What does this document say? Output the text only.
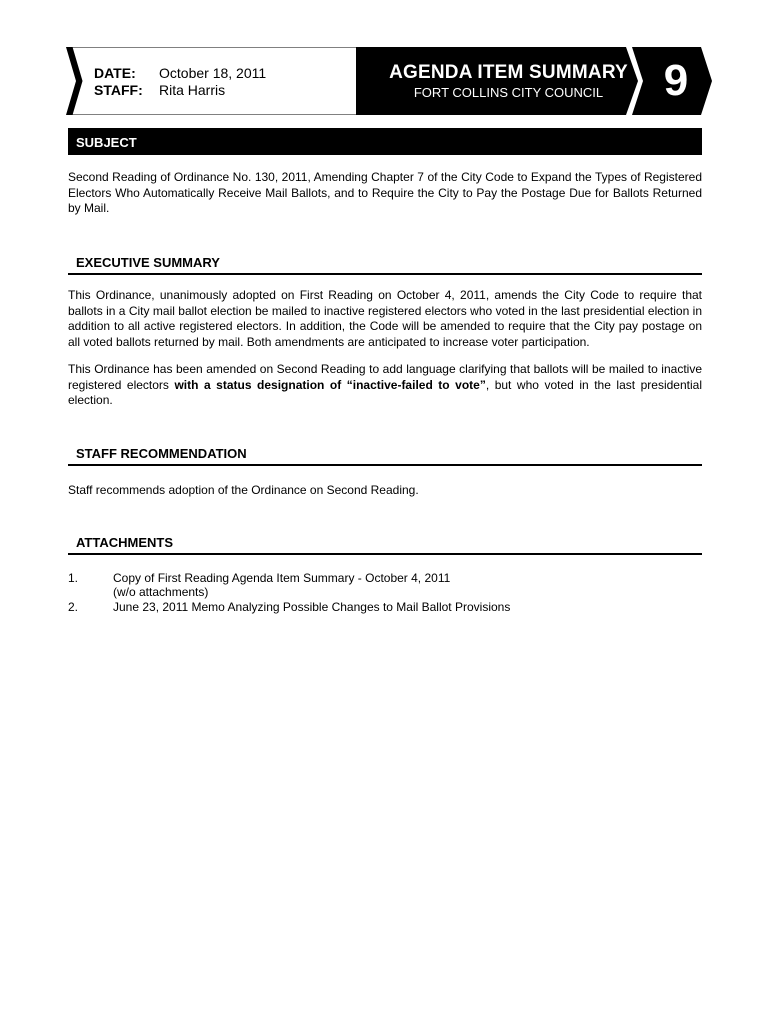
DATE: October 18, 2011
STAFF: Rita Harris
AGENDA ITEM SUMMARY
FORT COLLINS CITY COUNCIL	9
SUBJECT
Second Reading of Ordinance No. 130, 2011, Amending Chapter 7 of the City Code to Expand the Types of Registered Electors Who Automatically Receive Mail Ballots, and to Require the City to Pay the Postage Due for Ballots Returned by Mail.
EXECUTIVE SUMMARY
This Ordinance, unanimously adopted on First Reading on October 4, 2011, amends the City Code to require that ballots in a City mail ballot election be mailed to inactive registered electors who voted in the last presidential election in addition to all active registered electors. In addition, the Code will be amended to require that the City pay postage on all voted ballots returned by mail. Both amendments are anticipated to increase voter participation.
This Ordinance has been amended on Second Reading to add language clarifying that ballots will be mailed to inactive registered electors with a status designation of “inactive-failed to vote”, but who voted in the last presidential election.
STAFF RECOMMENDATION
Staff recommends adoption of the Ordinance on Second Reading.
ATTACHMENTS
1.	Copy of First Reading Agenda Item Summary - October 4, 2011
(w/o attachments)
2.	June 23, 2011 Memo Analyzing Possible Changes to Mail Ballot Provisions
